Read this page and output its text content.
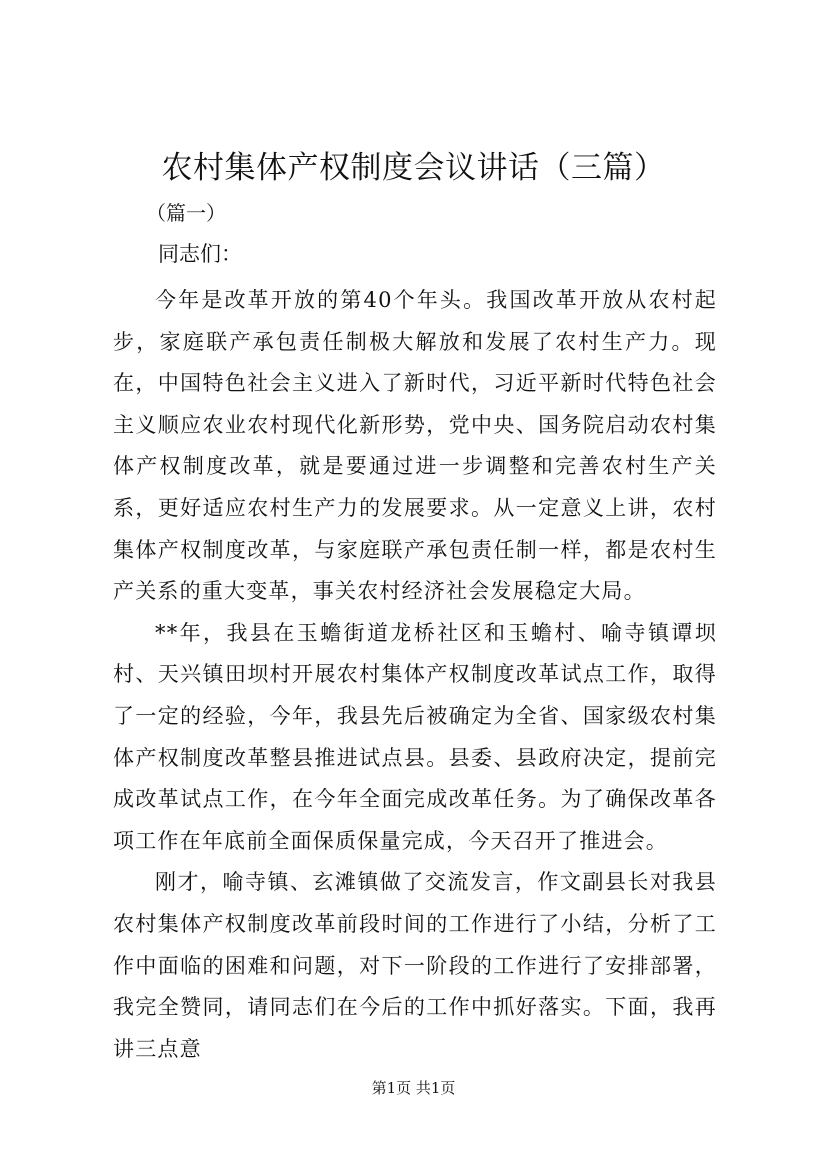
农村集体产权制度会议讲话（三篇）

（篇一）

同志们：

今年是改革开放的第40个年头。我国改革开放从农村起步，家庭联产承包责任制极大解放和发展了农村生产力。现在，中国特色社会主义进入了新时代，习近平新时代特色社会主义顺应农业农村现代化新形势，党中央、国务院启动农村集体产权制度改革，就是要通过进一步调整和完善农村生产关系，更好适应农村生产力的发展要求。从一定意义上讲，农村集体产权制度改革，与家庭联产承包责任制一样，都是农村生产关系的重大变革，事关农村经济社会发展稳定大局。

**年，我县在玉蟾街道龙桥社区和玉蟾村、喻寺镇谭坝村、天兴镇田坝村开展农村集体产权制度改革试点工作，取得了一定的经验，今年，我县先后被确定为全省、国家级农村集体产权制度改革整县推进试点县。县委、县政府决定，提前完成改革试点工作，在今年全面完成改革任务。为了确保改革各项工作在年底前全面保质保量完成，今天召开了推进会。

刚才，喻寺镇、玄滩镇做了交流发言，作文副县长对我县农村集体产权制度改革前段时间的工作进行了小结，分析了工作中面临的困难和问题，对下一阶段的工作进行了安排部署，我完全赞同，请同志们在今后的工作中抓好落实。下面，我再讲三点意

第1页 共1页
